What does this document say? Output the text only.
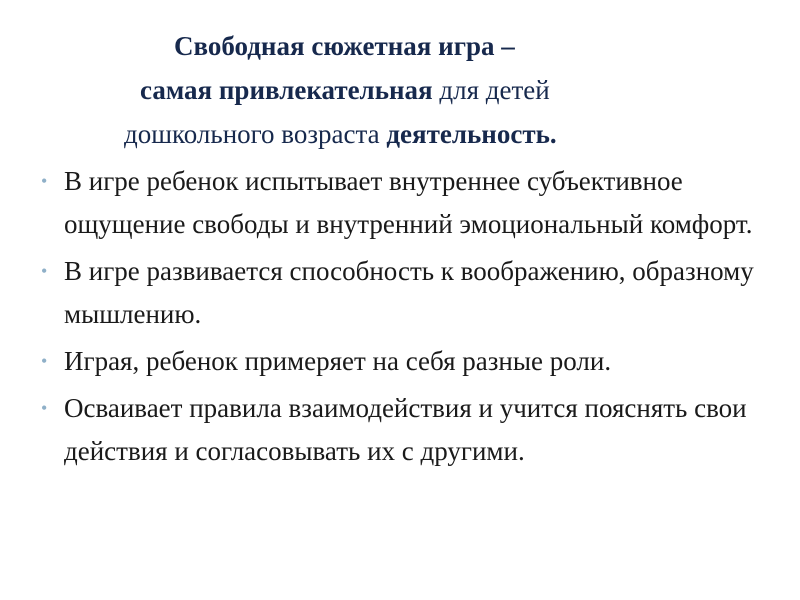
Свободная сюжетная игра –
самая привлекательная для детей
дошкольного возраста деятельность.
• В игре ребенок испытывает внутреннее субъективное ощущение свободы и внутренний эмоциональный комфорт.
• В игре развивается способность к воображению, образному мышлению.
• Играя, ребенок примеряет на себя разные роли.
• Осваивает правила взаимодействия и учится пояснять свои действия и согласовывать их с другими.
